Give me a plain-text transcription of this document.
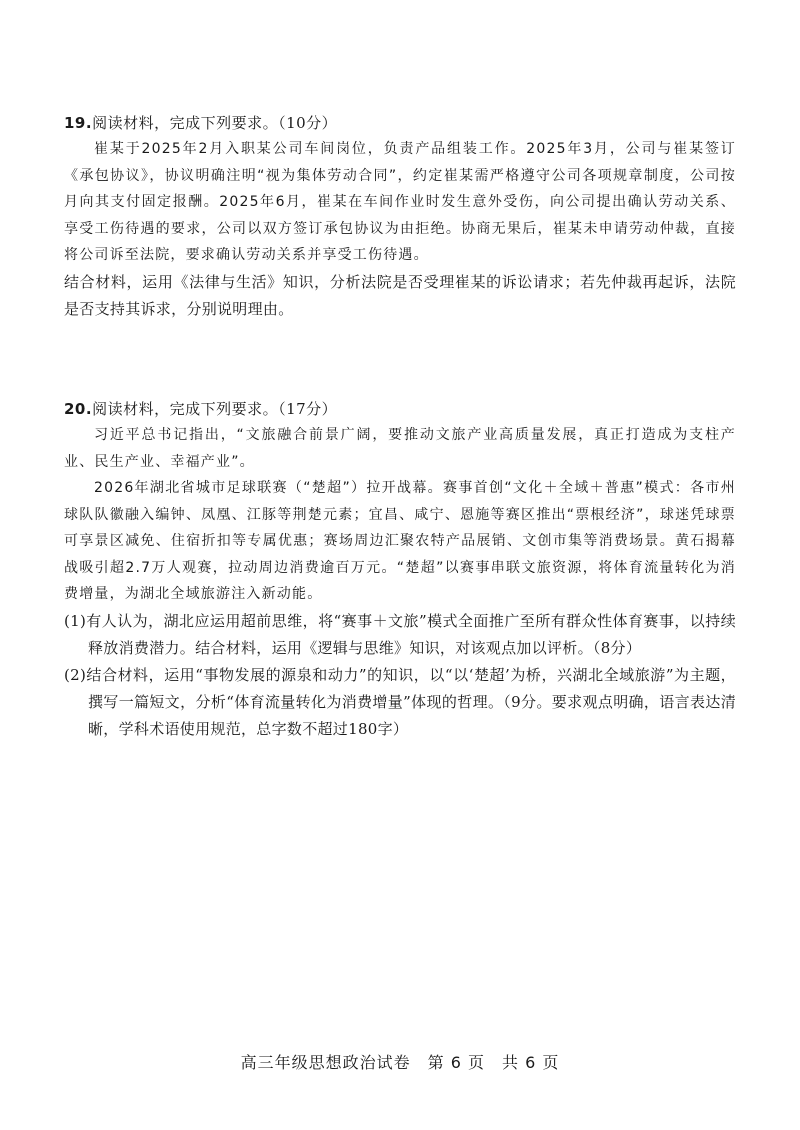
19.阅读材料，完成下列要求。（10分）

崔某于2025年2月入职某公司车间岗位，负责产品组装工作。2025年3月，公司与崔某签订《承包协议》，协议明确注明“视为集体劳动合同”，约定崔某需严格遵守公司各项规章制度，公司按月向其支付固定报酬。2025年6月，崔某在车间作业时发生意外受伤，向公司提出确认劳动关系、享受工伤待遇的要求，公司以双方签订承包协议为由拒绝。协商无果后，崔某未申请劳动仲裁，直接将公司诉至法院，要求确认劳动关系并享受工伤待遇。

结合材料，运用《法律与生活》知识，分析法院是否受理崔某的诉讼请求；若先仲裁再起诉，法院是否支持其诉求，分别说明理由。

20.阅读材料，完成下列要求。（17分）

习近平总书记指出，“文旅融合前景广阔，要推动文旅产业高质量发展，真正打造成为支柱产业、民生产业、幸福产业”。

2026年湖北省城市足球联赛（“楚超”）拉开战幕。赛事首创“文化＋全域＋普惠”模式：各市州球队队徽融入编钟、凤凰、江豚等荆楚元素；宜昌、咸宁、恩施等赛区推出“票根经济”，球迷凭球票可享景区减免、住宿折扣等专属优惠；赛场周边汇聚农特产品展销、文创市集等消费场景。黄石揭幕战吸引超2.7万人观赛，拉动周边消费逾百万元。“楚超”以赛事串联文旅资源，将体育流量转化为消费增量，为湖北全域旅游注入新动能。

(1)有人认为，湖北应运用超前思维，将“赛事＋文旅”模式全面推广至所有群众性体育赛事，以持续释放消费潜力。结合材料，运用《逻辑与思维》知识，对该观点加以评析。（8分）

(2)结合材料，运用“事物发展的源泉和动力”的知识，以“以‘楚超’为桥，兴湖北全域旅游”为主题，撰写一篇短文，分析“体育流量转化为消费增量”体现的哲理。（9分。要求观点明确，语言表达清晰，学科术语使用规范，总字数不超过180字）

高三年级思想政治试卷　第 6 页　共 6 页
